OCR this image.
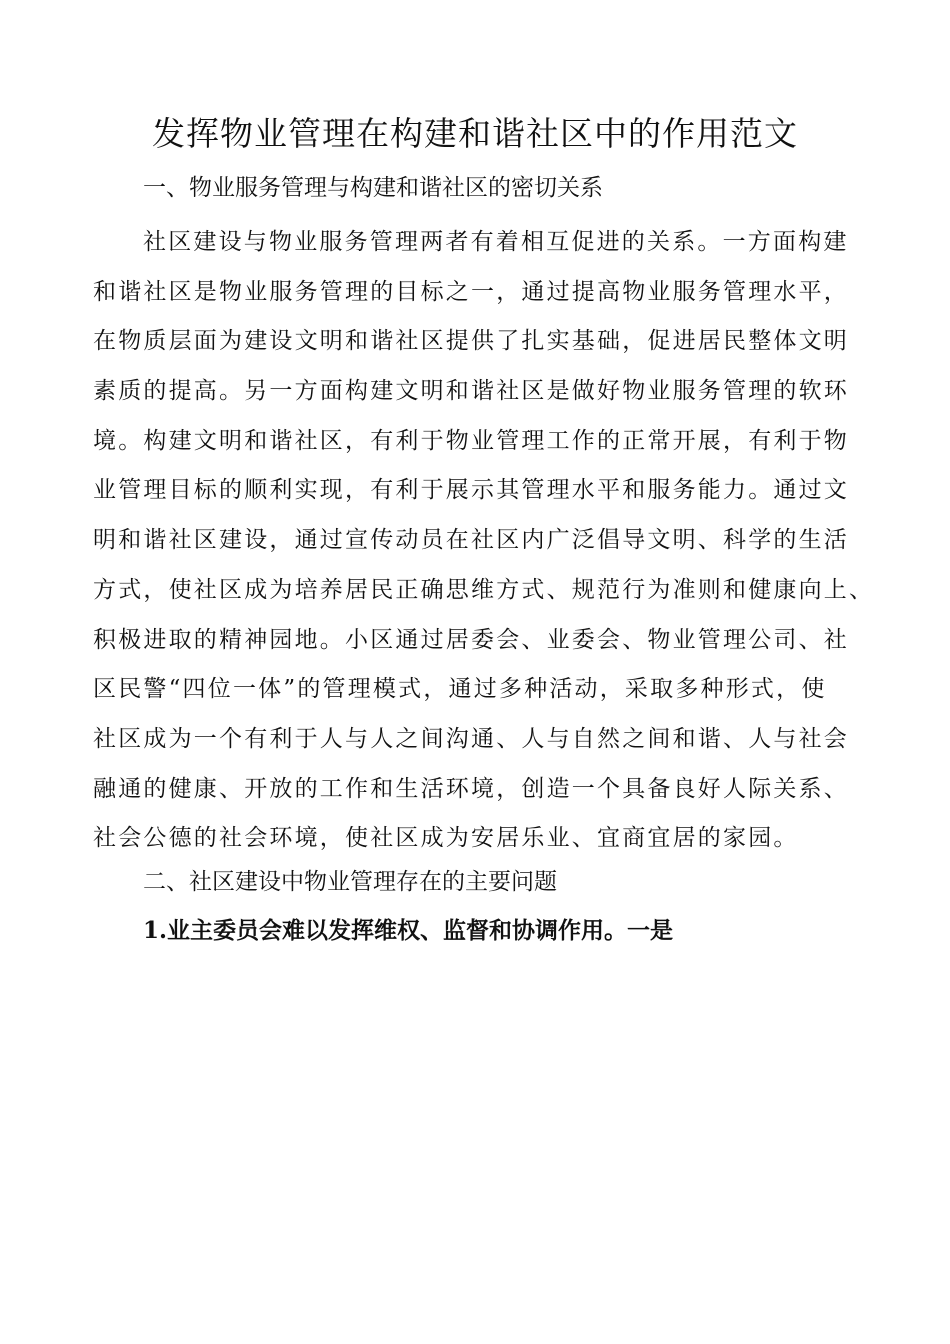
发挥物业管理在构建和谐社区中的作用范文
一、物业服务管理与构建和谐社区的密切关系
社区建设与物业服务管理两者有着相互促进的关系。一方面构建
和谐社区是物业服务管理的目标之一，通过提高物业服务管理水平，
在物质层面为建设文明和谐社区提供了扎实基础，促进居民整体文明
素质的提高。另一方面构建文明和谐社区是做好物业服务管理的软环
境。构建文明和谐社区，有利于物业管理工作的正常开展，有利于物
业管理目标的顺利实现，有利于展示其管理水平和服务能力。通过文
明和谐社区建设，通过宣传动员在社区内广泛倡导文明、科学的生活
方式，使社区成为培养居民正确思维方式、规范行为准则和健康向上、
积极进取的精神园地。小区通过居委会、业委会、物业管理公司、社
区民警“四位一体”的管理模式，通过多种活动，采取多种形式，使
社区成为一个有利于人与人之间沟通、人与自然之间和谐、人与社会
融通的健康、开放的工作和生活环境，创造一个具备良好人际关系、
社会公德的社会环境，使社区成为安居乐业、宜商宜居的家园。
二、社区建设中物业管理存在的主要问题
1.业主委员会难以发挥维权、监督和协调作用。一是
